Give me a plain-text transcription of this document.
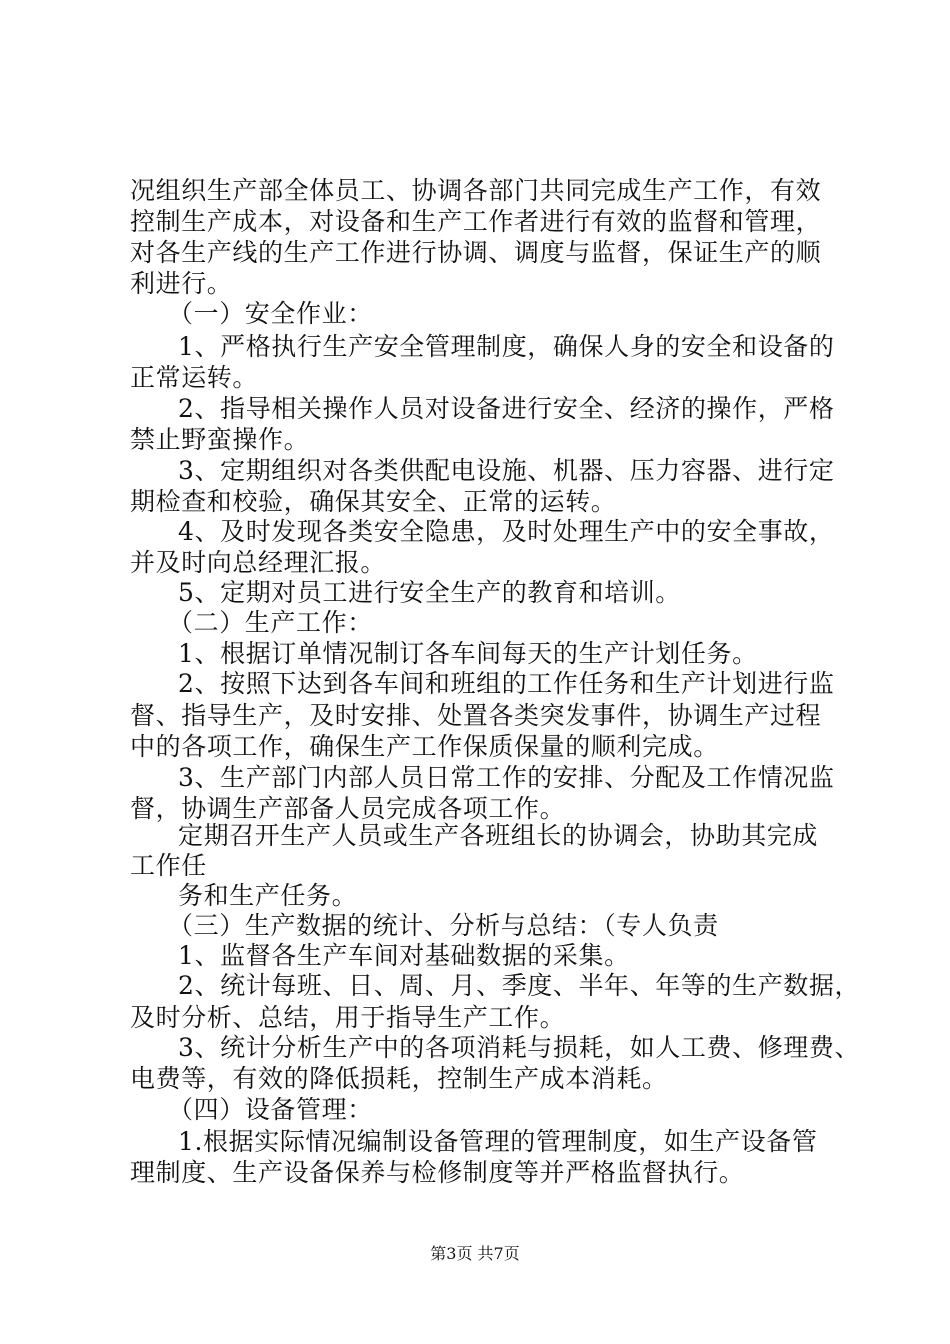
况组织生产部全体员工、协调各部门共同完成生产工作，有效
控制生产成本，对设备和生产工作者进行有效的监督和管理，
对各生产线的生产工作进行协调、调度与监督，保证生产的顺
利进行。
（一）安全作业：
1、严格执行生产安全管理制度，确保人身的安全和设备的
正常运转。
2、指导相关操作人员对设备进行安全、经济的操作，严格
禁止野蛮操作。
3、定期组织对各类供配电设施、机器、压力容器、进行定
期检查和校验，确保其安全、正常的运转。
4、及时发现各类安全隐患，及时处理生产中的安全事故，
并及时向总经理汇报。
5、定期对员工进行安全生产的教育和培训。
（二）生产工作：
1、根据订单情况制订各车间每天的生产计划任务。
2、按照下达到各车间和班组的工作任务和生产计划进行监
督、指导生产，及时安排、处置各类突发事件，协调生产过程
中的各项工作，确保生产工作保质保量的顺利完成。
3、生产部门内部人员日常工作的安排、分配及工作情况监
督，协调生产部备人员完成各项工作。
定期召开生产人员或生产各班组长的协调会，协助其完成
工作任
务和生产任务。
（三）生产数据的统计、分析与总结：（专人负责
1、监督各生产车间对基础数据的采集。
2、统计每班、日、周、月、季度、半年、年等的生产数据，
及时分析、总结，用于指导生产工作。
3、统计分析生产中的各项消耗与损耗，如人工费、修理费、
电费等，有效的降低损耗，控制生产成本消耗。
（四）设备管理：
1.根据实际情况编制设备管理的管理制度，如生产设备管
理制度、生产设备保养与检修制度等并严格监督执行。
第3页 共7页
